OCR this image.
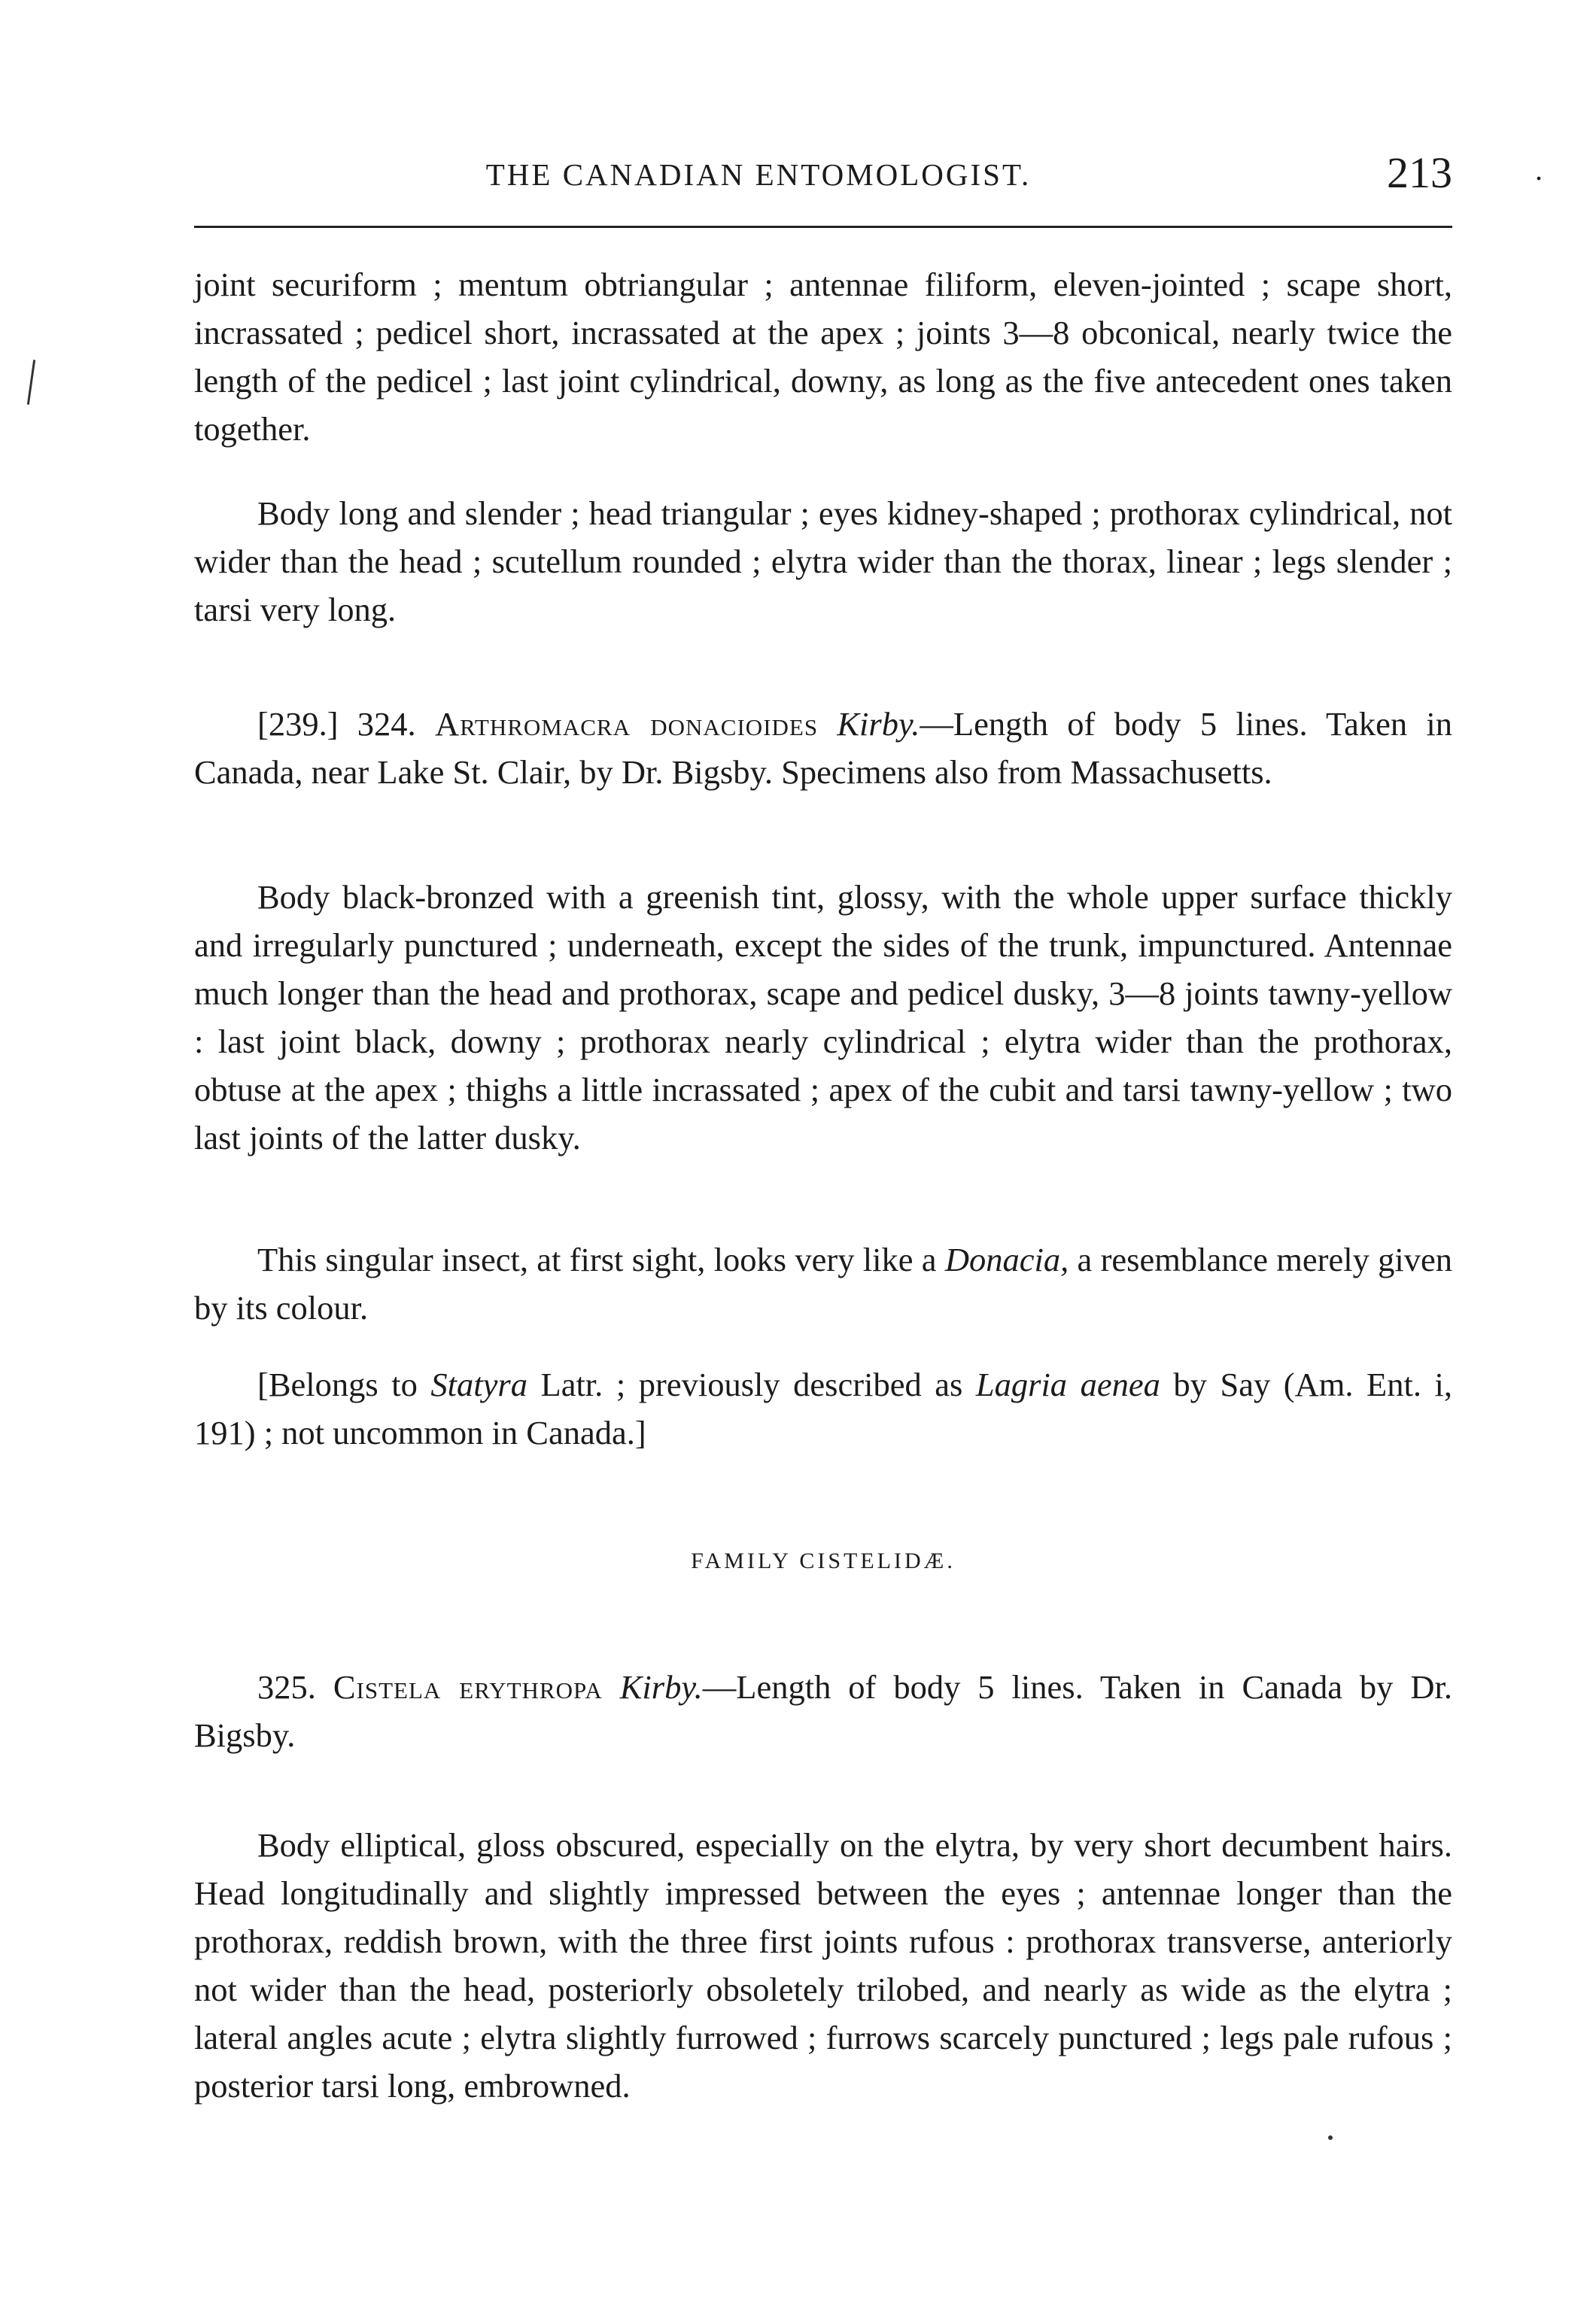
THE CANADIAN ENTOMOLOGIST.	.
213
joint securiform ; mentum obtriangular ; antennae filiform, eleven-jointed ; scape short, incrassated ; pedicel short, incrassated at the apex ; joints 3—8 obconical, nearly twice the length of the pedicel ; last joint cylindrical, downy, as long as the five antecedent ones taken together.
Body long and slender ; head triangular ; eyes kidney-shaped ; prothorax cylindrical, not wider than the head ; scutellum rounded ; elytra wider than the thorax, linear ; legs slender ; tarsi very long.
[239.] 324. Arthromacra donacioides Kirby.—Length of body 5 lines. Taken in Canada, near Lake St. Clair, by Dr. Bigsby. Specimens also from Massachusetts.
Body black-bronzed with a greenish tint, glossy, with the whole upper surface thickly and irregularly punctured ; underneath, except the sides of the trunk, impunctured. Antennae much longer than the head and prothorax, scape and pedicel dusky, 3—8 joints tawny-yellow : last joint black, downy ; prothorax nearly cylindrical ; elytra wider than the prothorax, obtuse at the apex ; thighs a little incrassated ; apex of the cubit and tarsi tawny-yellow ; two last joints of the latter dusky.
This singular insect, at first sight, looks very like a Donacia, a resemblance merely given by its colour.
[Belongs to Statyra Latr. ; previously described as Lagria aenea by Say (Am. Ent. i, 191) ; not uncommon in Canada.]
FAMILY CISTELIDÆ.
325. Cistela erythropa Kirby.—Length of body 5 lines. Taken in Canada by Dr. Bigsby.
Body elliptical, gloss obscured, especially on the elytra, by very short decumbent hairs. Head longitudinally and slightly impressed between the eyes ; antennae longer than the prothorax, reddish brown, with the three first joints rufous : prothorax transverse, anteriorly not wider than the head, posteriorly obsoletely trilobed, and nearly as wide as the elytra ; lateral angles acute ; elytra slightly furrowed ; furrows scarcely punctured ; legs pale rufous ; posterior tarsi long, embrowned.
